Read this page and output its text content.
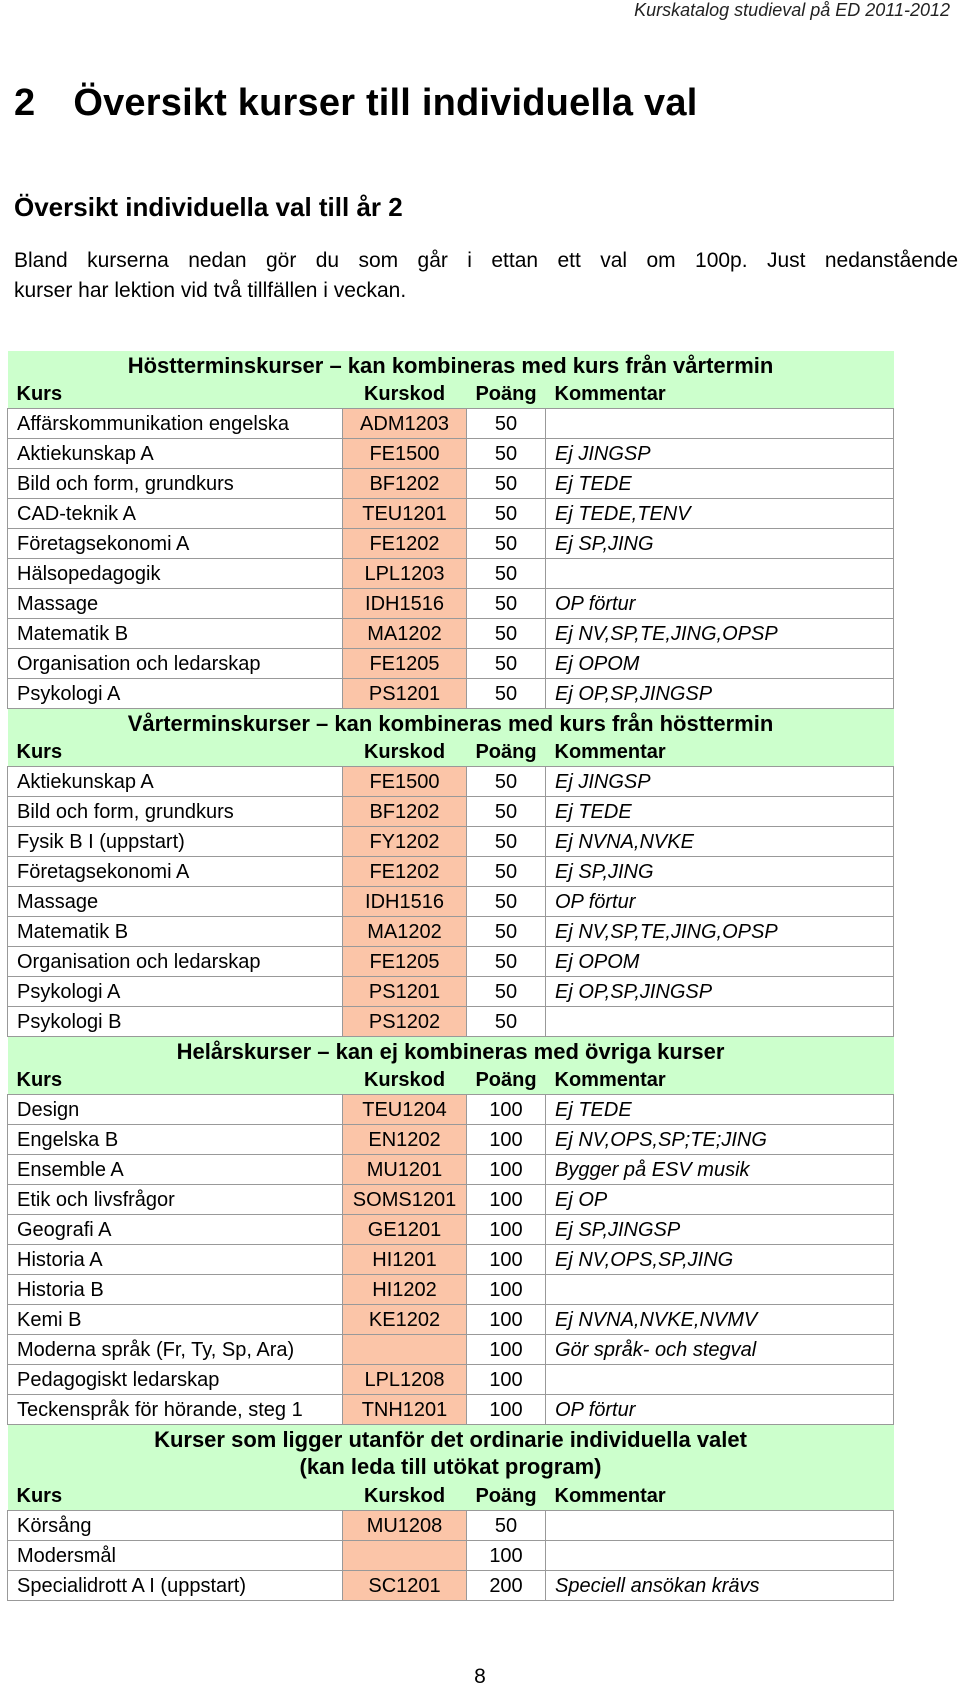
Kurskatalog studieval på ED 2011-2012
2 Översikt kurser till individuella val
Översikt individuella val till år 2

Bland kurserna nedan gör du som går i ettan ett val om 100p. Just nedanstående
kurser har lektion vid två tillfällen i veckan.

Höstterminskurser – kan kombineras med kurs från vårtermin			

Kurs	Kurskod	Poäng	Kommentar
Affärskommunikation engelska	ADM1203	50	
Aktiekunskap A	FE1500	50	Ej JINGSP
Bild och form, grundkurs	BF1202	50	Ej TEDE
CAD-teknik A	TEU1201	50	Ej TEDE,TENV
Företagsekonomi A	FE1202	50	Ej SP,JING
Hälsopedagogik	LPL1203	50	
Massage	IDH1516	50	OP förtur
Matematik B	MA1202	50	Ej NV,SP,TE,JING,OPSP
Organisation och ledarskap	FE1205	50	Ej OPOM
Psykologi A	PS1201	50	Ej OP,SP,JINGSP

Vårterminskurser – kan kombineras med kurs från hösttermin			

Kurs	Kurskod	Poäng	Kommentar
Aktiekunskap A	FE1500	50	Ej JINGSP
Bild och form, grundkurs	BF1202	50	Ej TEDE
Fysik B I (uppstart)	FY1202	50	Ej NVNA,NVKE
Företagsekonomi A	FE1202	50	Ej SP,JING
Massage	IDH1516	50	OP förtur
Matematik B	MA1202	50	Ej NV,SP,TE,JING,OPSP
Organisation och ledarskap	FE1205	50	Ej OPOM
Psykologi A	PS1201	50	Ej OP,SP,JINGSP
Psykologi B	PS1202	50	

Helårskurser – kan ej kombineras med övriga kurser			

Kurs	Kurskod	Poäng	Kommentar
Design	TEU1204	100	Ej TEDE
Engelska B	EN1202	100	Ej NV,OPS,SP;TE;JING
Ensemble A	MU1201	100	Bygger på ESV musik
Etik och livsfrågor	SOMS1201	100	Ej OP
Geografi A	GE1201	100	Ej SP,JINGSP
Historia A	HI1201	100	Ej NV,OPS,SP,JING
Historia B	HI1202	100	
Kemi B	KE1202	100	Ej NVNA,NVKE,NVMV
Moderna språk (Fr, Ty, Sp, Ara)		100	Gör språk- och stegval
Pedagogiskt ledarskap	LPL1208	100	
Teckenspråk för hörande, steg 1	TNH1201	100	OP förtur

Kurser som ligger utanför det ordinarie individuella valet
(kan leda till utökat program)			

Kurs	Kurskod	Poäng	Kommentar
Körsång	MU1208	50	
Modersmål		100	
Specialidrott A I (uppstart)	SC1201	200	Speciell ansökan krävs
8
